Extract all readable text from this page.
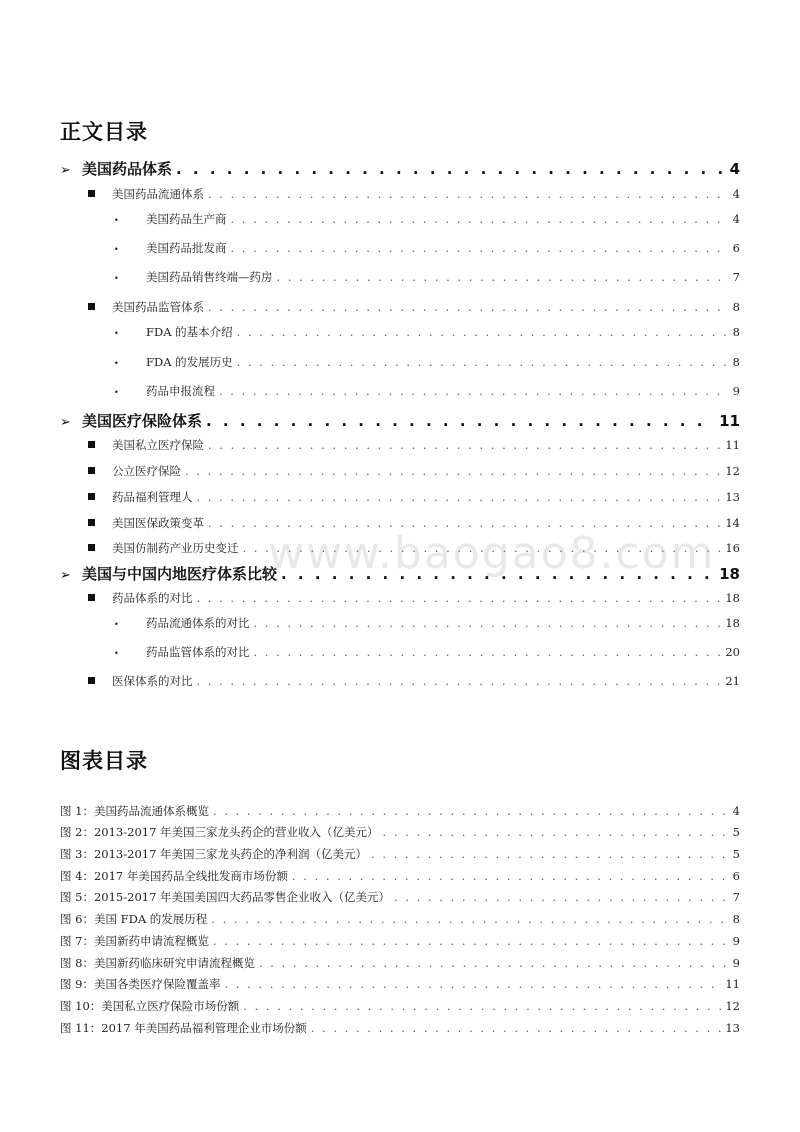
正文目录
➢ 美国药品体系 . . .	4
美国药品流通体系 . . .	4
•	美国药品生产商 . . .	4
•	美国药品批发商 . . .	6
•	美国药品销售终端—药房 . . .	7
美国药品监管体系 . . .	8
•	FDA 的基本介绍 . . .	8
•	FDA 的发展历史 . . .	8
•	药品申报流程 . . .	9
➢ 美国医疗保险体系 . . .	11
美国私立医疗保险 . . .	11
公立医疗保险 . . .	12
药品福利管理人 . . .	13
美国医保政策变革 . . .	14
美国仿制药产业历史变迁 . . .	16
➢ 美国与中国内地医疗体系比较 . . .	18
药品体系的对比 . . .	18
•	药品流通体系的对比 . . .	18
•	药品监管体系的对比 . . .	20
医保体系的对比 . . .	21
图表目录
图 1：美国药品流通体系概览 . . .	4
图 2：2013-2017 年美国三家龙头药企的营业收入（亿美元） . . .	5
图 3：2013-2017 年美国三家龙头药企的净利润（亿美元） . . .	5
图 4：2017 年美国药品全线批发商市场份额 . . .	6
图 5：2015-2017 年美国美国四大药品零售企业收入（亿美元） . . .	7
图 6：美国 FDA 的发展历程 . . .	8
图 7：美国新药申请流程概览 . . .	9
图 8：美国新药临床研究申请流程概览 . . .	9
图 9：美国各类医疗保险覆盖率 . . .	11
图 10：美国私立医疗保险市场份额 . . .	12
图 11：2017 年美国药品福利管理企业市场份额 . . .	13
www.baogao8.com
